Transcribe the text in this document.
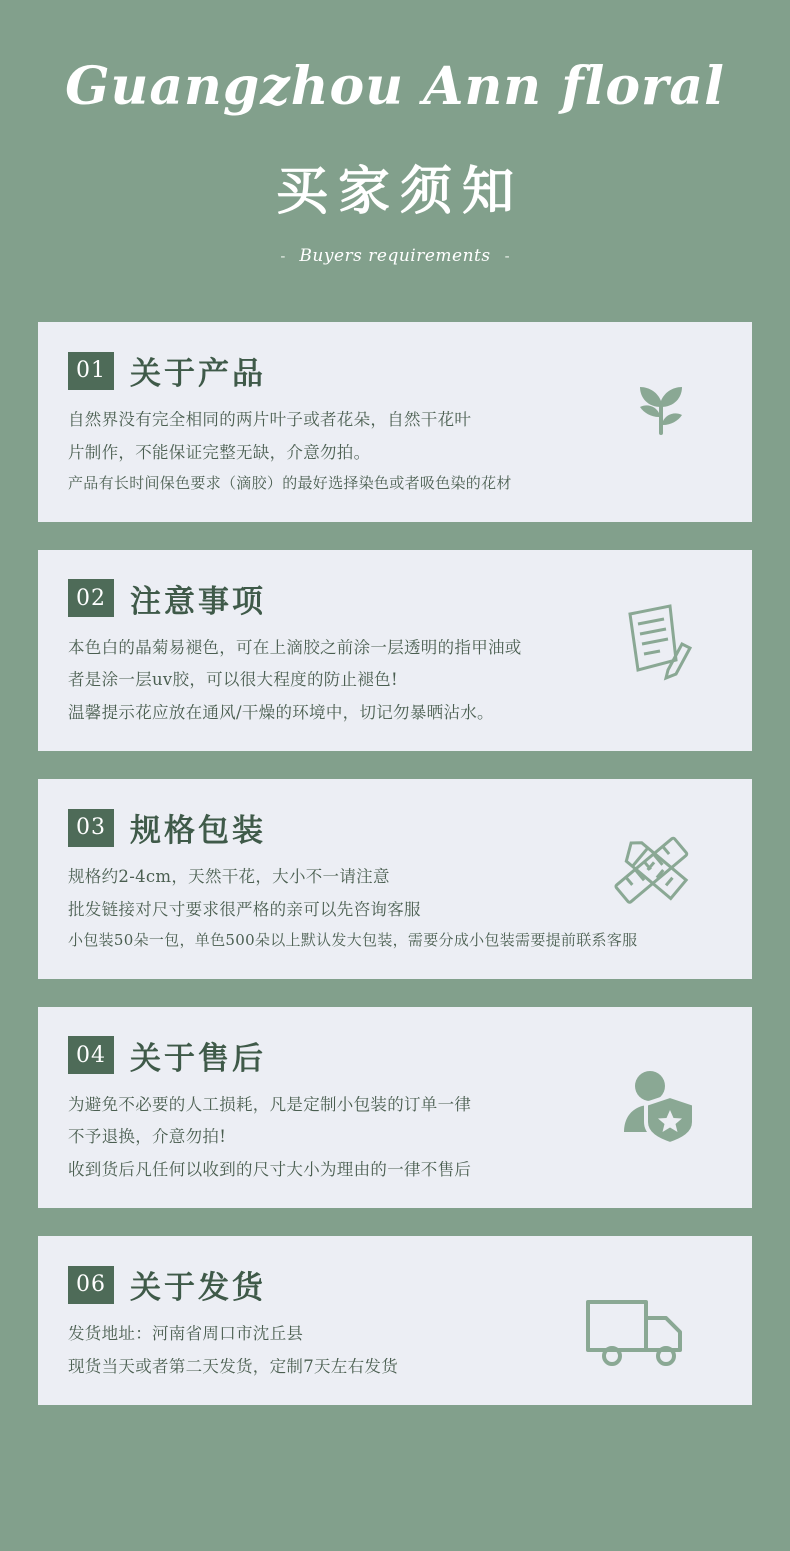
Guangzhou Ann floral
买家须知
- Buyers requirements -
01 关于产品

自然界没有完全相同的两片叶子或者花朵，自然干花叶

片制作，不能保证完整无缺，介意勿拍。

产品有长时间保色要求（滴胶）的最好选择染色或者吸色染的花材

02 注意事项

本色白的晶菊易褪色，可在上滴胶之前涂一层透明的指甲油或

者是涂一层uv胶，可以很大程度的防止褪色!

温馨提示花应放在通风/干燥的环境中，切记勿暴晒沾水。

03 规格包装

规格约2-4cm，天然干花，大小不一请注意

批发链接对尺寸要求很严格的亲可以先咨询客服

小包装50朵一包，单色500朵以上默认发大包装，需要分成小包装需要提前联系客服

04 关于售后

为避免不必要的人工损耗，凡是定制小包装的订单一律

不予退换，介意勿拍!

收到货后凡任何以收到的尺寸大小为理由的一律不售后

06 关于发货

发货地址：河南省周口市沈丘县

现货当天或者第二天发货，定制7天左右发货
